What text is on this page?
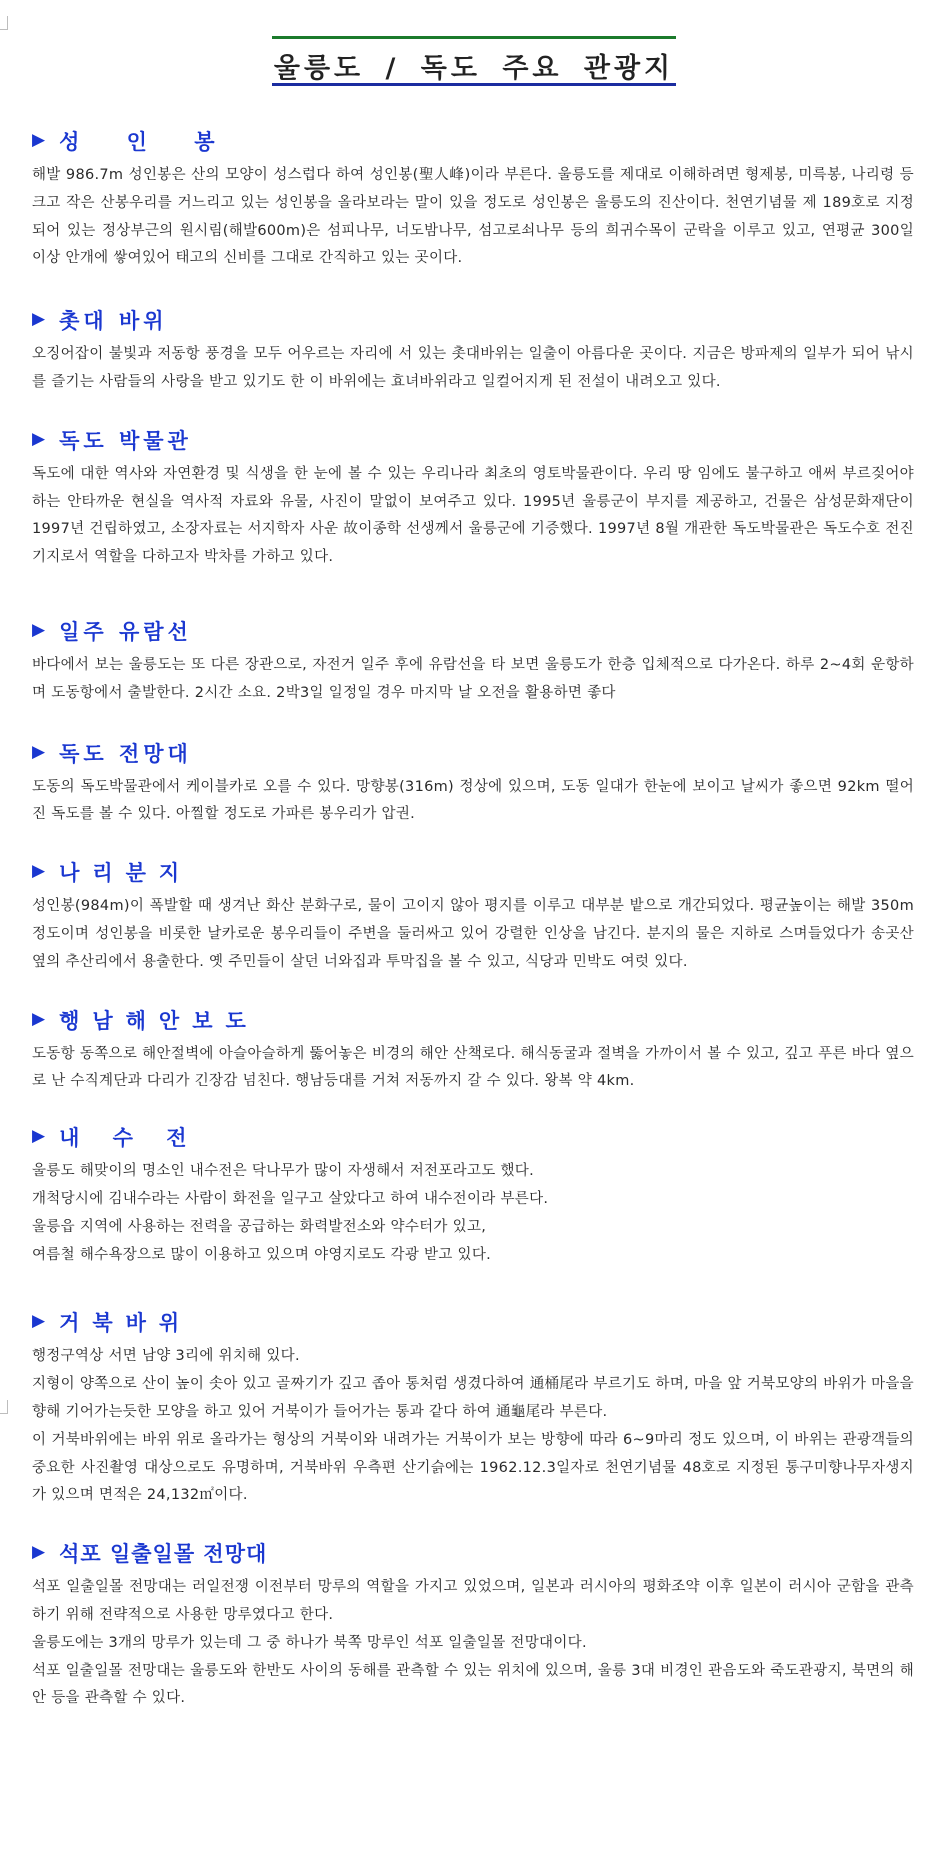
울릉도 / 독도 주요 관광지
▶ 성 인 봉

해발 986.7m 성인봉은 산의 모양이 성스럽다 하여 성인봉(聖人峰)이라 부른다. 울릉도를 제대로 이해하려면 형제봉, 미륵봉, 나리령 등 크고 작은 산봉우리를 거느리고 있는 성인봉을 올라보라는 말이 있을 정도로 성인봉은 울릉도의 진산이다. 천연기념물 제 189호로 지정되어 있는 정상부근의 원시림(해발600m)은 섬피나무, 너도밤나무, 섬고로쇠나무 등의 희귀수목이 군락을 이루고 있고, 연평균 300일 이상 안개에 쌓여있어 태고의 신비를 그대로 간직하고 있는 곳이다.

▶ 촛대 바위

오징어잡이 불빛과 저동항 풍경을 모두 어우르는 자리에 서 있는 촛대바위는 일출이 아름다운 곳이다. 지금은 방파제의 일부가 되어 낚시를 즐기는 사람들의 사랑을 받고 있기도 한 이 바위에는 효녀바위라고 일컬어지게 된 전설이 내려오고 있다.

▶ 독도 박물관

독도에 대한 역사와 자연환경 및 식생을 한 눈에 볼 수 있는 우리나라 최초의 영토박물관이다. 우리 땅 임에도 불구하고 애써 부르짖어야 하는 안타까운 현실을 역사적 자료와 유물, 사진이 말없이 보여주고 있다. 1995년 울릉군이 부지를 제공하고, 건물은 삼성문화재단이 1997년 건립하였고, 소장자료는 서지학자 사운 故이종학 선생께서 울릉군에 기증했다. 1997년 8월 개관한 독도박물관은 독도수호 전진기지로서 역할을 다하고자 박차를 가하고 있다.

▶ 일주 유람선

바다에서 보는 울릉도는 또 다른 장관으로, 자전거 일주 후에 유람선을 타 보면 울릉도가 한층 입체적으로 다가온다. 하루 2~4회 운항하며 도동항에서 출발한다. 2시간 소요. 2박3일 일정일 경우 마지막 날 오전을 활용하면 좋다

▶ 독도 전망대

도동의 독도박물관에서 케이블카로 오를 수 있다. 망향봉(316m) 정상에 있으며, 도동 일대가 한눈에 보이고 날씨가 좋으면 92km 떨어진 독도를 볼 수 있다. 아찔할 정도로 가파른 봉우리가 압권.

▶ 나리분지

성인봉(984m)이 폭발할 때 생겨난 화산 분화구로, 물이 고이지 않아 평지를 이루고 대부분 밭으로 개간되었다. 평균높이는 해발 350m 정도이며 성인봉을 비롯한 날카로운 봉우리들이 주변을 둘러싸고 있어 강렬한 인상을 남긴다. 분지의 물은 지하로 스며들었다가 송곳산 옆의 추산리에서 용출한다. 옛 주민들이 살던 너와집과 투막집을 볼 수 있고, 식당과 민박도 여럿 있다.

▶ 행남해안보도

도동항 동쪽으로 해안절벽에 아슬아슬하게 뚫어놓은 비경의 해안 산책로다. 해식동굴과 절벽을 가까이서 볼 수 있고, 깊고 푸른 바다 옆으로 난 수직계단과 다리가 긴장감 넘친다. 행남등대를 거쳐 저동까지 갈 수 있다. 왕복 약 4km.

▶ 내 수 전

울릉도 해맞이의 명소인 내수전은 닥나무가 많이 자생해서 저전포라고도 했다.

개척당시에 김내수라는 사람이 화전을 일구고 살았다고 하여 내수전이라 부른다.

울릉읍 지역에 사용하는 전력을 공급하는 화력발전소와 약수터가 있고,

여름철 해수욕장으로 많이 이용하고 있으며 야영지로도 각광 받고 있다.

▶ 거북바위

행정구역상 서면 남양 3리에 위치해 있다.

지형이 양쪽으로 산이 높이 솟아 있고 골짜기가 깊고 좁아 통처럼 생겼다하여 通桶尾라 부르기도 하며, 마을 앞 거북모양의 바위가 마을을 향해 기어가는듯한 모양을 하고 있어 거북이가 들어가는 통과 같다 하여 通龜尾라 부른다.

이 거북바위에는 바위 위로 올라가는 형상의 거북이와 내려가는 거북이가 보는 방향에 따라 6~9마리 정도 있으며, 이 바위는 관광객들의 중요한 사진촬영 대상으로도 유명하며, 거북바위 우측편 산기슭에는 1962.12.3일자로 천연기념물 48호로 지정된 통구미향나무자생지가 있으며 면적은 24,132㎡이다.

▶ 석포 일출일몰 전망대

석포 일출일몰 전망대는 러일전쟁 이전부터 망루의 역할을 가지고 있었으며, 일본과 러시아의 평화조약 이후 일본이 러시아 군함을 관측하기 위해 전략적으로 사용한 망루였다고 한다.

울릉도에는 3개의 망루가 있는데 그 중 하나가 북쪽 망루인 석포 일출일몰 전망대이다.

석포 일출일몰 전망대는 울릉도와 한반도 사이의 동해를 관측할 수 있는 위치에 있으며, 울릉 3대 비경인 관음도와 죽도관광지, 북면의 해안 등을 관측할 수 있다.
